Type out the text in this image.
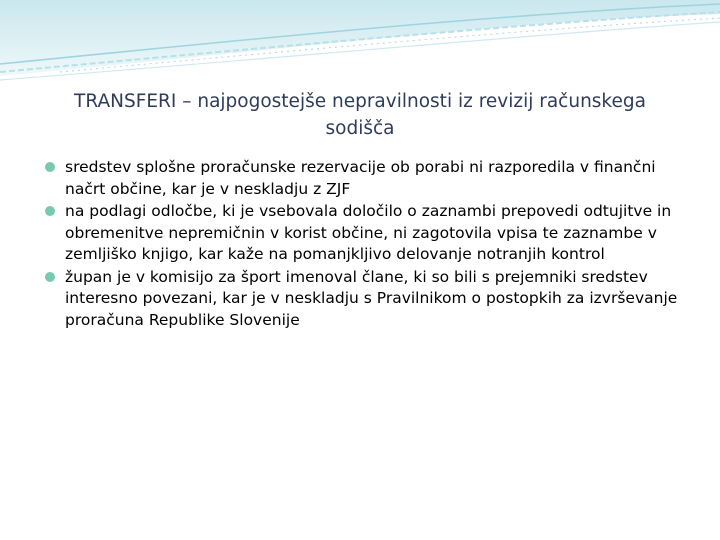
TRANSFERI – najpogostejše nepravilnosti iz revizij računskega sodišča
sredstev splošne proračunske rezervacije ob porabi ni razporedila v finančni načrt občine, kar je v neskladju z ZJF
na podlagi odločbe, ki je vsebovala določilo o zaznambi prepovedi odtujitve in obremenitve nepremičnin v korist občine, ni zagotovila vpisa te zaznambe v zemljiško knjigo, kar kaže na pomanjkljivo delovanje notranjih kontrol
župan je v komisijo za šport imenoval člane, ki so bili s prejemniki sredstev interesno povezani, kar je v neskladju s Pravilnikom o postopkih za izvrševanje proračuna Republike Slovenije
